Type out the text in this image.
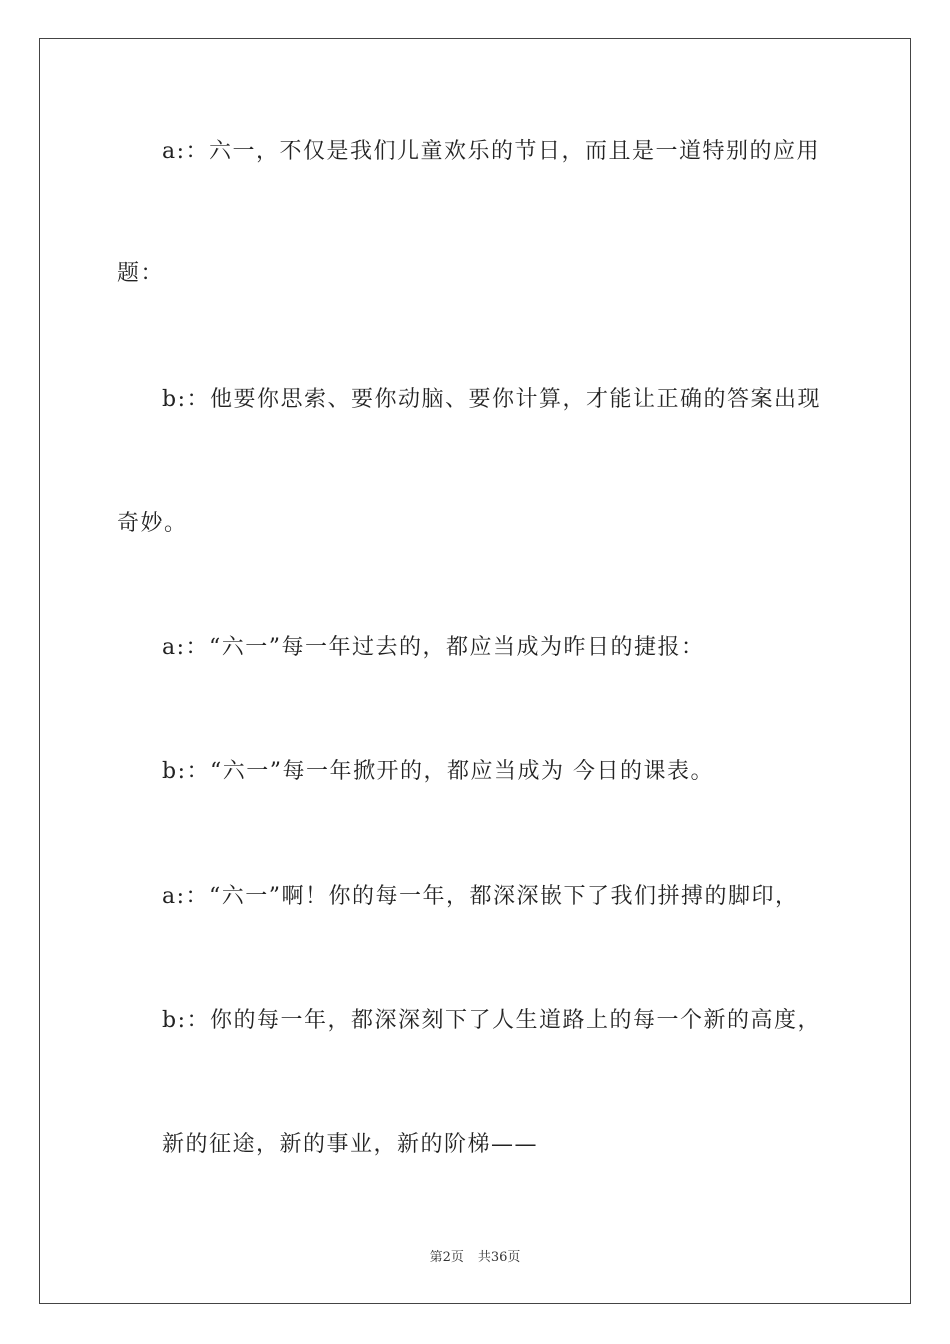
a:：六一，不仅是我们儿童欢乐的节日，而且是一道特别的应用
题：
b:：他要你思索、要你动脑、要你计算，才能让正确的答案出现
奇妙。
a:：“六一”每一年过去的，都应当成为昨日的捷报：
b:：“六一”每一年掀开的，都应当成为 今日的课表。
a:：“六一”啊！你的每一年，都深深嵌下了我们拼搏的脚印，
b:：你的每一年，都深深刻下了人生道路上的每一个新的高度，
新的征途，新的事业，新的阶梯——
第2页 共36页
